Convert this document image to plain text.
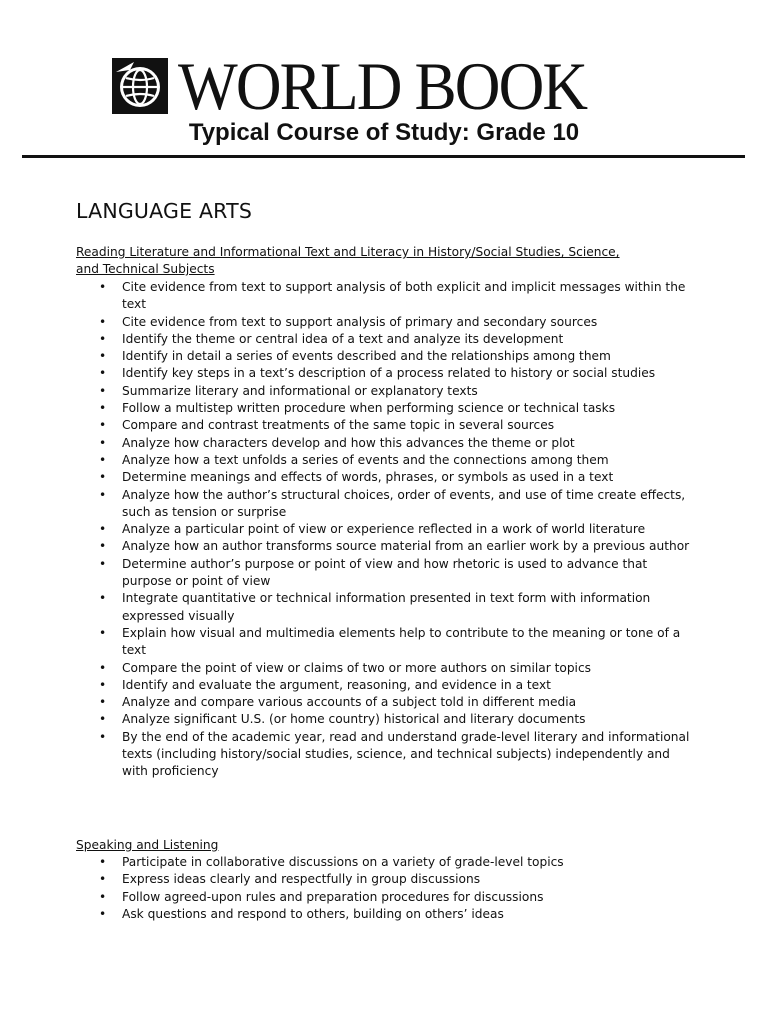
WORLD BOOK
Typical Course of Study: Grade 10
LANGUAGE ARTS
Reading Literature and Informational Text and Literacy in History/Social Studies, Science,
and Technical Subjects
• Cite evidence from text to support analysis of both explicit and implicit messages within the text
• Cite evidence from text to support analysis of primary and secondary sources
• Identify the theme or central idea of a text and analyze its development
• Identify in detail a series of events described and the relationships among them
• Identify key steps in a text’s description of a process related to history or social studies
• Summarize literary and informational or explanatory texts
• Follow a multistep written procedure when performing science or technical tasks
• Compare and contrast treatments of the same topic in several sources
• Analyze how characters develop and how this advances the theme or plot
• Analyze how a text unfolds a series of events and the connections among them
• Determine meanings and effects of words, phrases, or symbols as used in a text
• Analyze how the author’s structural choices, order of events, and use of time create effects, such as tension or surprise
• Analyze a particular point of view or experience reflected in a work of world literature
• Analyze how an author transforms source material from an earlier work by a previous author
• Determine author’s purpose or point of view and how rhetoric is used to advance that purpose or point of view
• Integrate quantitative or technical information presented in text form with information expressed visually
• Explain how visual and multimedia elements help to contribute to the meaning or tone of a text
• Compare the point of view or claims of two or more authors on similar topics
• Identify and evaluate the argument, reasoning, and evidence in a text
• Analyze and compare various accounts of a subject told in different media
• Analyze significant U.S. (or home country) historical and literary documents
• By the end of the academic year, read and understand grade-level literary and informational texts (including history/social studies, science, and technical subjects) independently and with proficiency
Speaking and Listening
• Participate in collaborative discussions on a variety of grade-level topics
• Express ideas clearly and respectfully in group discussions
• Follow agreed-upon rules and preparation procedures for discussions
• Ask questions and respond to others, building on others’ ideas
